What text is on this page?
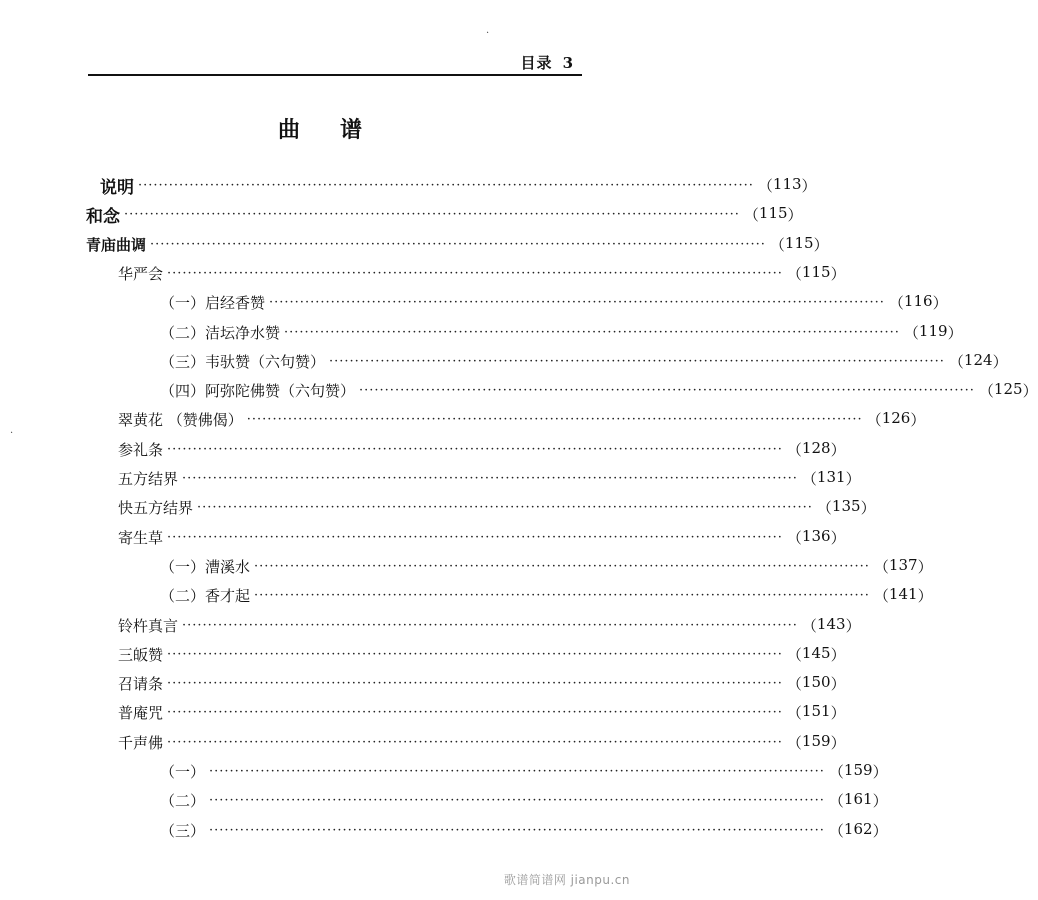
目录 3
曲谱
说明 ························································································································ （ 113 ）
和念 ························································································································ （ 115 ）
青庙曲调 ························································································································ （ 115 ）
华严会 ························································································································ （ 115 ）
（一）启经香赞 ························································································································ （ 116 ）
（二）洁坛净水赞 ························································································································ （ 119 ）
（三）韦驮赞（六句赞） ························································································································ （ 124 ）
（四）阿弥陀佛赞（六句赞） ························································································································ （ 125 ）
翠黄花 （赞佛偈） ························································································································ （ 126 ）
参礼条 ························································································································ （ 128 ）
五方结界 ························································································································ （ 131 ）
快五方结界 ························································································································ （ 135 ）
寄生草 ························································································································ （ 136 ）
（一）漕溪水 ························································································································ （ 137 ）
（二）香才起 ························································································································ （ 141 ）
铃杵真言 ························································································································ （ 143 ）
三皈赞 ························································································································ （ 145 ）
召请条 ························································································································ （ 150 ）
普庵咒 ························································································································ （ 151 ）
千声佛 ························································································································ （ 159 ）
（一） ························································································································ （ 159 ）
（二） ························································································································ （ 161 ）
（三） ························································································································ （ 162 ）
·
·
歌谱简谱网 jianpu.cn
